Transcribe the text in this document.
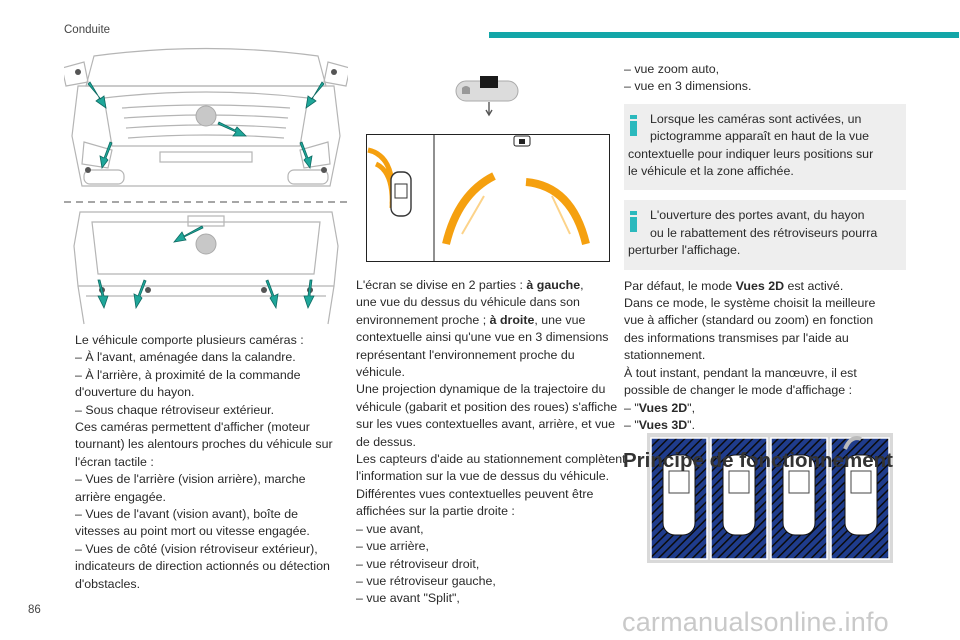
Conduite

Le véhicule comporte plusieurs caméras :

– À l'avant, aménagée dans la calandre.

– À l'arrière, à proximité de la commande

d'ouverture du hayon.

– Sous chaque rétroviseur extérieur.

Ces caméras permettent d'afficher (moteur

tournant) les alentours proches du véhicule sur

l'écran tactile :

– Vues de l'arrière (vision arrière), marche

arrière engagée.

– Vues de l'avant (vision avant), boîte de

vitesses au point mort ou vitesse engagée.

– Vues de côté (vision rétroviseur extérieur),

indicateurs de direction actionnés ou détection

d'obstacles.

L'écran se divise en 2 parties : à gauche,

une vue du dessus du véhicule dans son

environnement proche ; à droite, une vue

contextuelle ainsi qu'une vue en 3 dimensions

représentant l'environnement proche du

véhicule.

Une projection dynamique de la trajectoire du

véhicule (gabarit et position des roues) s'affiche

sur les vues contextuelles avant, arrière, et vue

de dessus.

Les capteurs d'aide au stationnement complètent

l'information sur la vue de dessus du véhicule.

Différentes vues contextuelles peuvent être

affichées sur la partie droite :

– vue avant,

– vue arrière,

– vue rétroviseur droit,

– vue rétroviseur gauche,

– vue avant "Split",

– vue zoom auto,

– vue en 3 dimensions.

Lorsque les caméras sont activées, un

pictogramme apparaît en haut de la vue

contextuelle pour indiquer leurs positions sur

le véhicule et la zone affichée.

L'ouverture des portes avant, du hayon

ou le rabattement des rétroviseurs pourra

perturber l'affichage.

Par défaut, le mode Vues 2D est activé.

Dans ce mode, le système choisit la meilleure

vue à afficher (standard ou zoom) en fonction

des informations transmises par l'aide au

stationnement.

À tout instant, pendant la manœuvre, il est

possible de changer le mode d'affichage :

– "Vues 2D",

– "Vues 3D".

Principe de fonctionnement
86	carmanualsonline.info
